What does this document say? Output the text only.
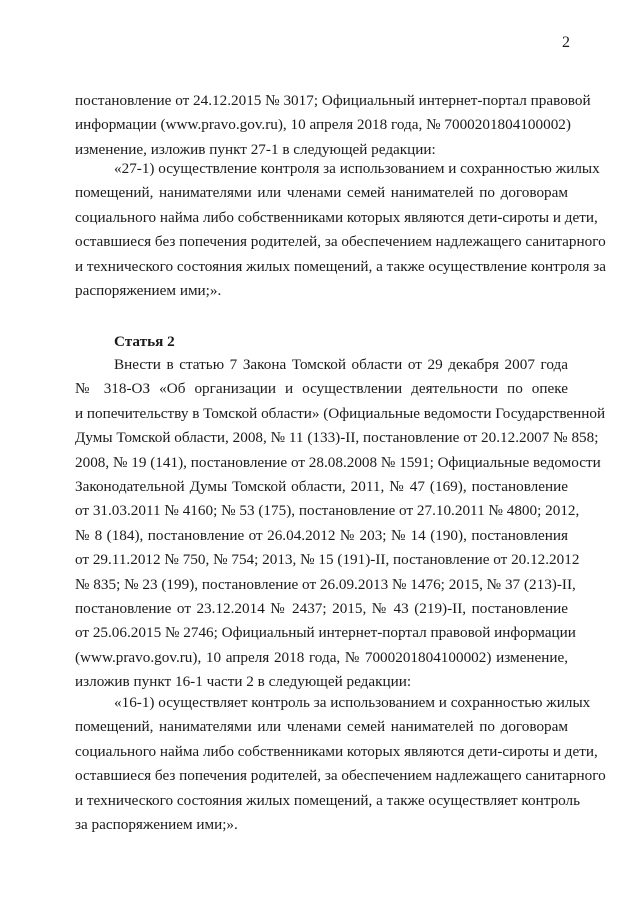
2
постановление от 24.12.2015 № 3017; Официальный интернет-портал правовой
информации (www.pravo.gov.ru), 10 апреля 2018 года, № 7000201804100002)
изменение, изложив пункт 27-1 в следующей редакции:
«27-1) осуществление контроля за использованием и сохранностью жилых
помещений, нанимателями или членами семей нанимателей по договорам
социального найма либо собственниками которых являются дети-сироты и дети,
оставшиеся без попечения родителей, за обеспечением надлежащего санитарного
и технического состояния жилых помещений, а также осуществление контроля за
распоряжением ими;».
Статья 2
Внести в статью 7 Закона Томской области от 29 декабря 2007 года
№ 318-ОЗ «Об организации и осуществлении деятельности по опеке
и попечительству в Томской области» (Официальные ведомости Государственной
Думы Томской области, 2008, № 11 (133)-II, постановление от 20.12.2007 № 858;
2008, № 19 (141), постановление от 28.08.2008 № 1591; Официальные ведомости
Законодательной Думы Томской области, 2011, № 47 (169), постановление
от 31.03.2011 № 4160; № 53 (175), постановление от 27.10.2011 № 4800; 2012,
№ 8 (184), постановление от 26.04.2012 № 203; № 14 (190), постановления
от 29.11.2012 № 750, № 754; 2013, № 15 (191)-II, постановление от 20.12.2012
№ 835; № 23 (199), постановление от 26.09.2013 № 1476; 2015, № 37 (213)-II,
постановление от 23.12.2014 № 2437; 2015, № 43 (219)-II, постановление
от 25.06.2015 № 2746; Официальный интернет-портал правовой информации
(www.pravo.gov.ru), 10 апреля 2018 года, № 7000201804100002) изменение,
изложив пункт 16-1 части 2 в следующей редакции:
«16-1) осуществляет контроль за использованием и сохранностью жилых
помещений, нанимателями или членами семей нанимателей по договорам
социального найма либо собственниками которых являются дети-сироты и дети,
оставшиеся без попечения родителей, за обеспечением надлежащего санитарного
и технического состояния жилых помещений, а также осуществляет контроль
за распоряжением ими;».
